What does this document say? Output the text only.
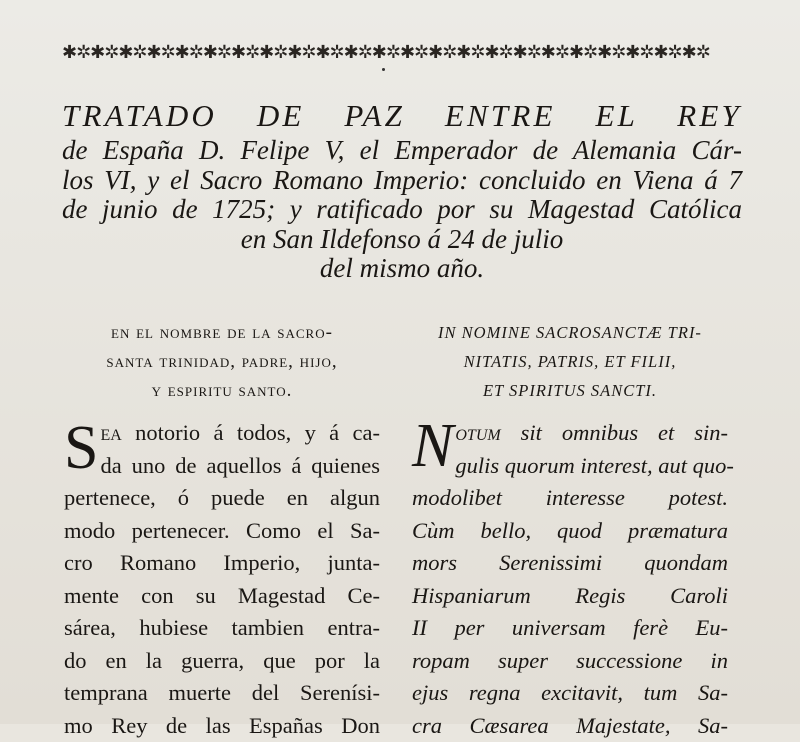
✱✲✱✲✱✲✱✲✱✲✱✲✱✲✱✲✱✲✱✲✱✲✱✲✱✲✱✲✱✲✱✲✱✲✱✲✱✲✱✲✱✲✱✲✱✲
TRATADO DE PAZ ENTRE EL REY
de España D. Felipe V, el Emperador de Alemania Cár-
los VI, y el Sacro Romano Imperio: concluido en Viena á 7
de junio de 1725; y ratificado por su Magestad Católica
en San Ildefonso á 24 de julio
del mismo año.
en el nombre de la sacro-
santa trinidad, padre, hijo,
y espiritu santo.
S ea notorio á todos, y á ca-
da uno de aquellos á quienes
pertenece, ó puede en algun
modo pertenecer. Como el Sa-
cro Romano Imperio, junta-
mente con su Magestad Ce-
sárea, hubiese tambien entra-
do en la guerra, que por la
temprana muerte del Serenísi-
mo Rey de las Españas Don
IN NOMINE SACROSANCTÆ TRI-
NITATIS, PATRIS, ET FILII,
ET SPIRITUS SANCTI.
N otum sit omnibus et sin-
gulis quorum interest, aut quo-
modolibet interesse potest.
Cùm bello, quod præmatura
mors Serenissimi quondam
Hispaniarum Regis Caroli
II per universam ferè Eu-
ropam super successione in
ejus regna excitavit, tum Sa-
cra Cæsarea Majestate, Sa-
